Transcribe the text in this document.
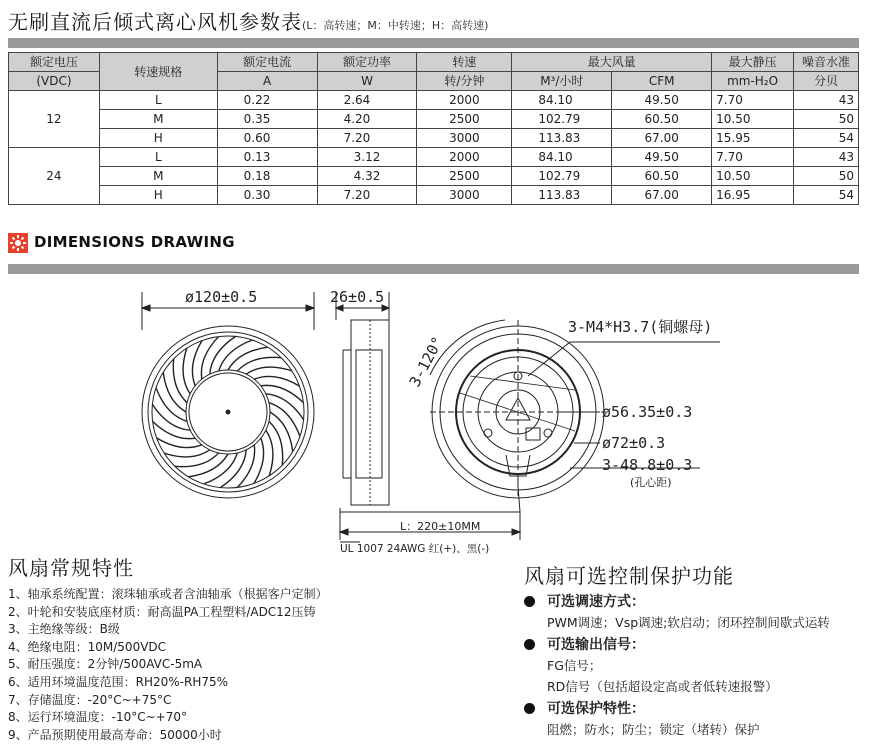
无刷直流后倾式离心风机参数表(L：高转速；M：中转速；H：高转速)
额定电压	转速规格	额定电流	额定功率	转速	最大风量		最大静压	噪音水准
(VDC)		A	W	转/分钟	M³/小时	CFM	mm-H₂O	分贝
12	L	0.22	2.64	2000	84.10	49.50	7.70	43
	M	0.35	4.20	2500	102.79	60.50	10.50	50
	H	0.60	7.20	3000	113.83	67.00	15.95	54
24	L	0.13	3.12	2000	84.10	49.50	7.70	43
	M	0.18	4.32	2500	102.79	60.50	10.50	50
	H	0.30	7.20	3000	113.83	67.00	16.95	54
DIMENSIONS DRAWING
ø120±0.5	26±0.5
3-M4*H3.7(铜螺母)
ø56.35±0.3
ø72±0.3
3-48.8±0.3
3-120°
(孔心距)
L：220±10MM
UL 1007 24AWG 红(+)、黑(-)
风扇常规特性
1、轴承系统配置：滚珠轴承或者含油轴承（根据客户定制）
2、叶轮和安装底座材质：耐高温PA工程塑料/ADC12压铸
3、主绝缘等级：B级
4、绝缘电阻：10M/500VDC
5、耐压强度：2分钟/500AVC-5mA
6、适用环境温度范围：RH20%-RH75%
7、存储温度：-20°C~+75°C
8、运行环境温度：-10°C~+70°
9、产品预期使用最高寿命：50000小时
风扇可选控制保护功能
可选调速方式：
PWM调速；Vsp调速;软启动；闭环控制间歇式运转
可选输出信号：
FG信号；
RD信号（包括超设定高或者低转速报警）
可选保护特性：
阻燃；防水；防尘；锁定（堵转）保护
